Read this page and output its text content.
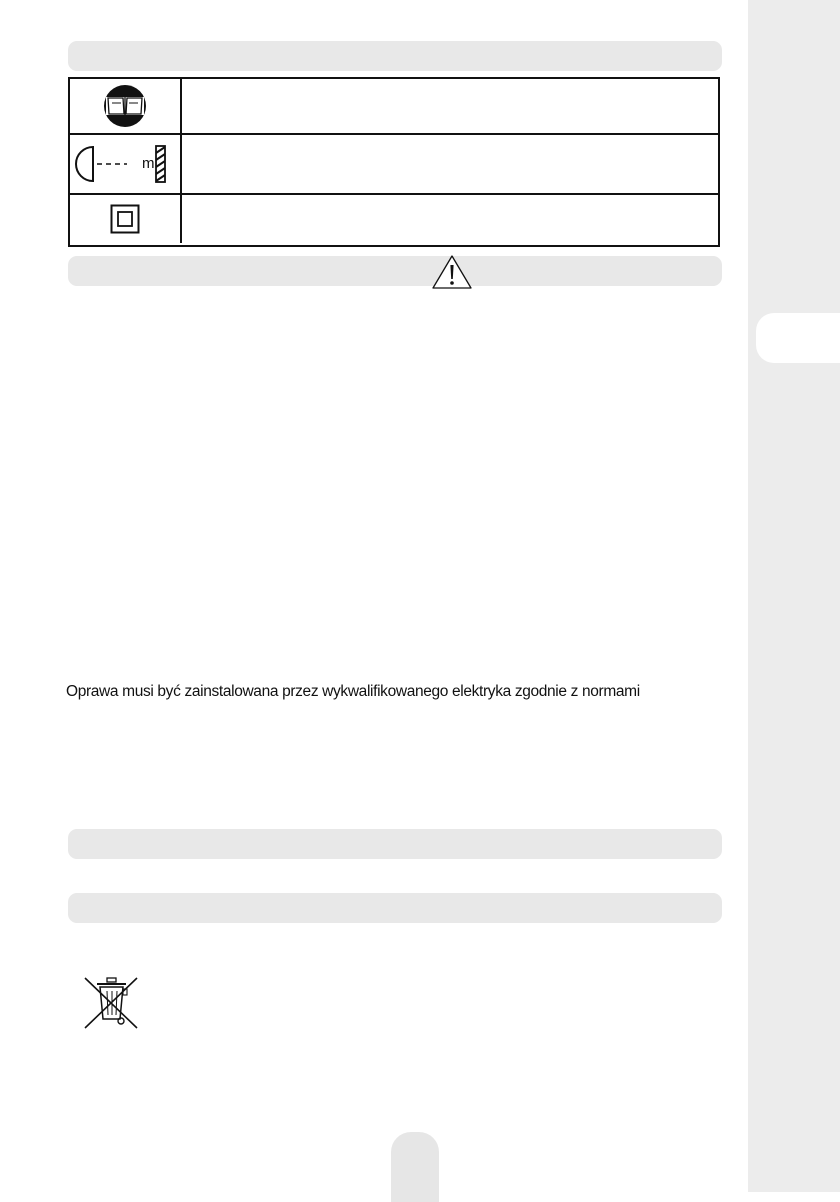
m

Oprawa musi być zainstalowana przez wykwalifikowanego elektryka zgodnie z normami
